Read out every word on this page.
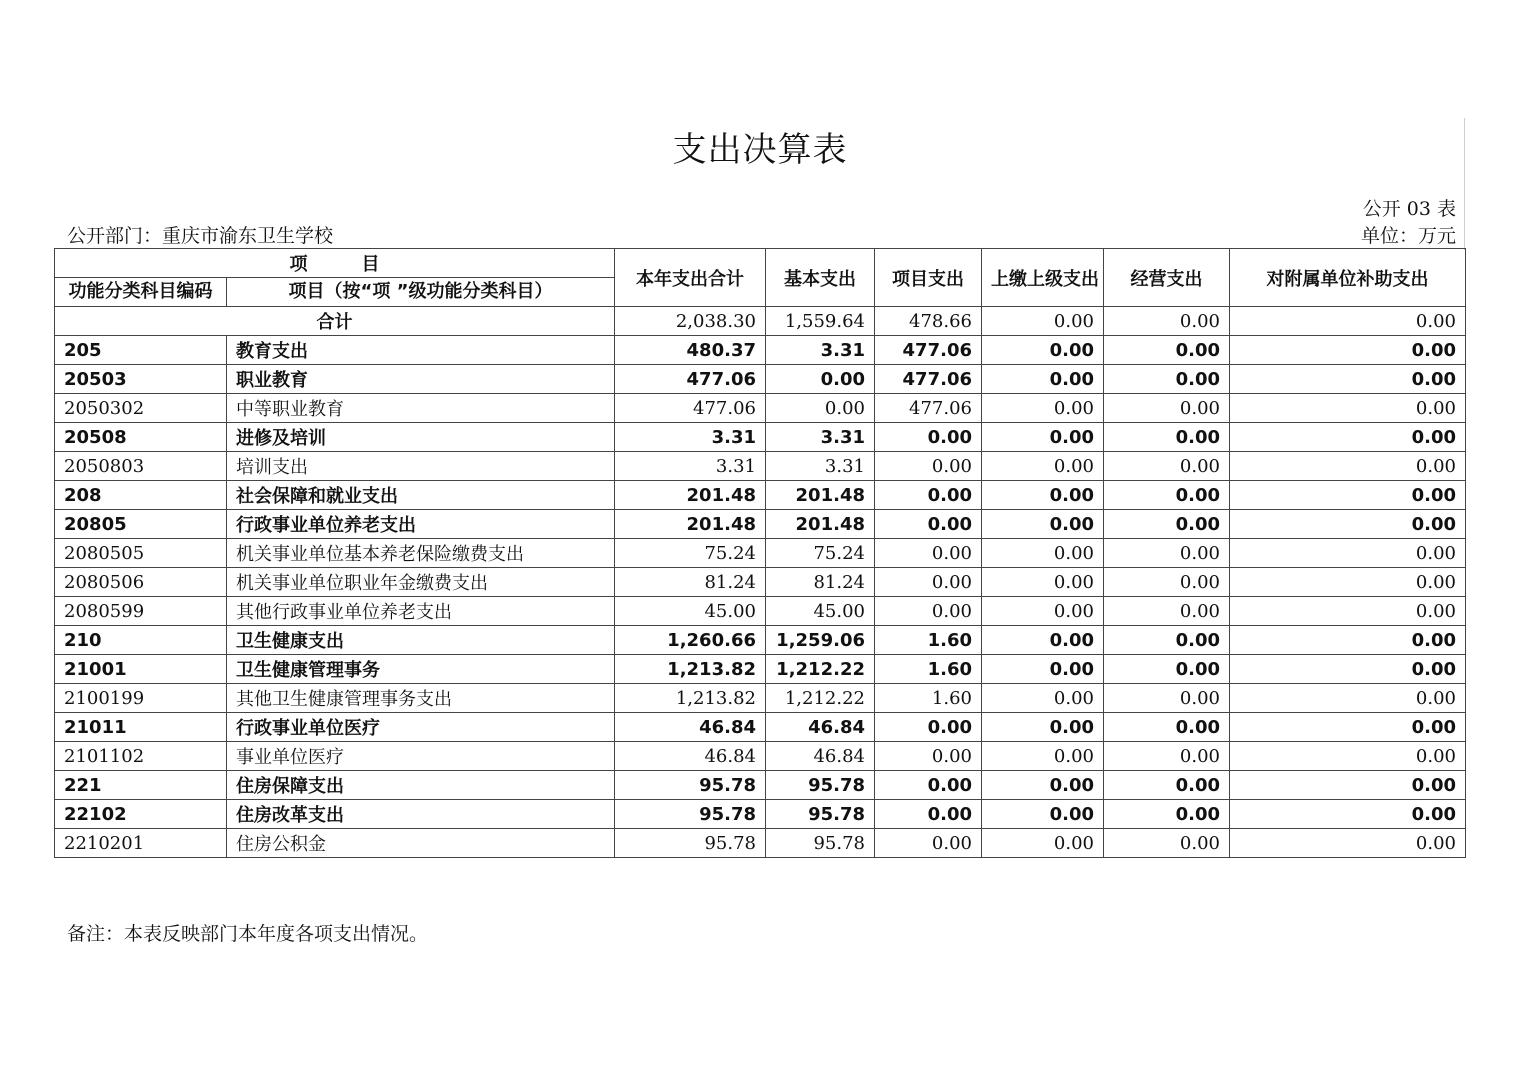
支出决算表
公开 03 表
公开部门：重庆市渝东卫生学校	单位：万元
项　　　目		本年支出合计	基本支出	项目支出	上缴上级支出	经营支出	对附属单位补助支出
功能分类科目编码	项目（按“项 ”级功能分类科目）						
合计		2,038.30	1,559.64	478.66	0.00	0.00	0.00
205	教育支出	480.37	3.31	477.06	0.00	0.00	0.00
20503	职业教育	477.06	0.00	477.06	0.00	0.00	0.00
2050302	中等职业教育	477.06	0.00	477.06	0.00	0.00	0.00
20508	进修及培训	3.31	3.31	0.00	0.00	0.00	0.00
2050803	培训支出	3.31	3.31	0.00	0.00	0.00	0.00
208	社会保障和就业支出	201.48	201.48	0.00	0.00	0.00	0.00
20805	行政事业单位养老支出	201.48	201.48	0.00	0.00	0.00	0.00
2080505	机关事业单位基本养老保险缴费支出	75.24	75.24	0.00	0.00	0.00	0.00
2080506	机关事业单位职业年金缴费支出	81.24	81.24	0.00	0.00	0.00	0.00
2080599	其他行政事业单位养老支出	45.00	45.00	0.00	0.00	0.00	0.00
210	卫生健康支出	1,260.66	1,259.06	1.60	0.00	0.00	0.00
21001	卫生健康管理事务	1,213.82	1,212.22	1.60	0.00	0.00	0.00
2100199	其他卫生健康管理事务支出	1,213.82	1,212.22	1.60	0.00	0.00	0.00
21011	行政事业单位医疗	46.84	46.84	0.00	0.00	0.00	0.00
2101102	事业单位医疗	46.84	46.84	0.00	0.00	0.00	0.00
221	住房保障支出	95.78	95.78	0.00	0.00	0.00	0.00
22102	住房改革支出	95.78	95.78	0.00	0.00	0.00	0.00
2210201	住房公积金	95.78	95.78	0.00	0.00	0.00	0.00
备注：本表反映部门本年度各项支出情况。
